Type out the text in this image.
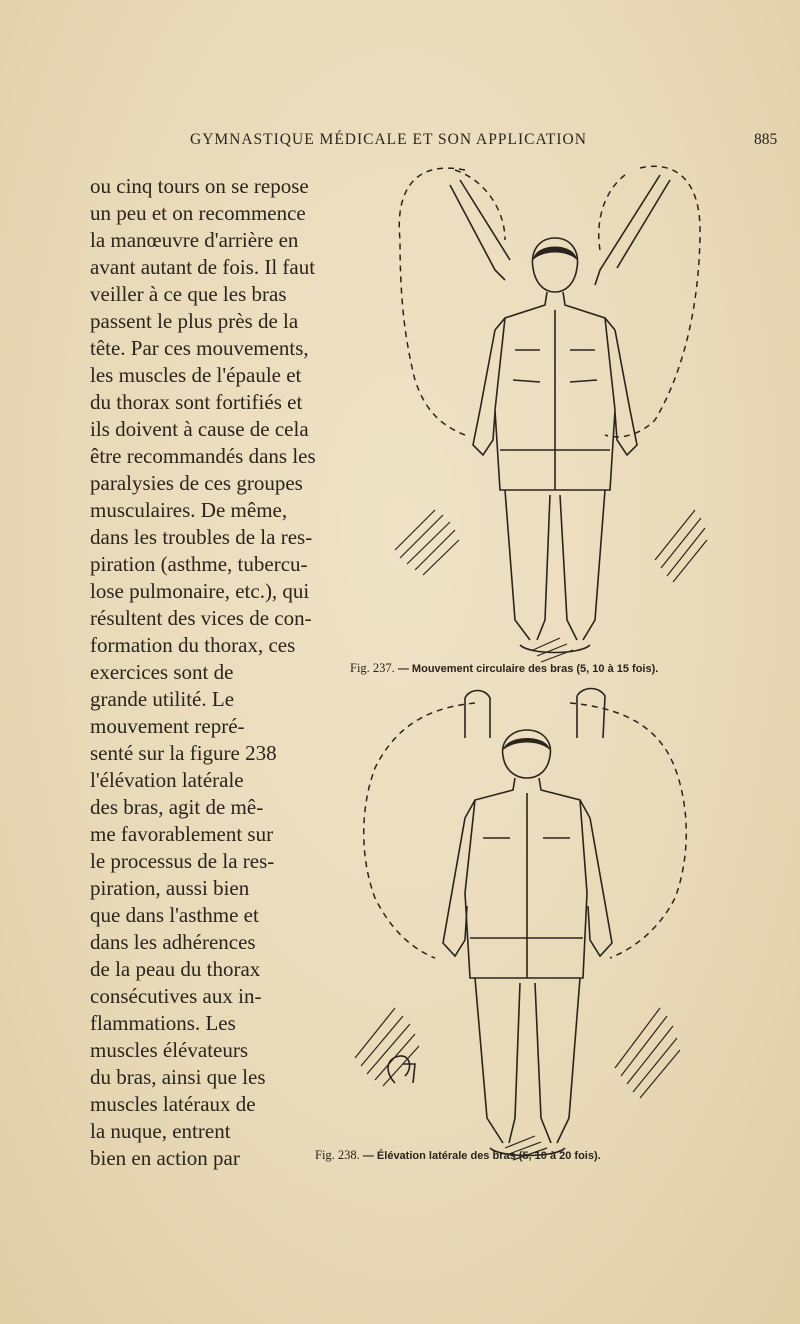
GYMNASTIQUE MÉDICALE ET SON APPLICATION	885
ou cinq tours on se repose
un peu et on recommence
la manœuvre d'arrière en
avant autant de fois. Il faut
veiller à ce que les bras
passent le plus près de la
tête. Par ces mouvements,
les muscles de l'épaule et
du thorax sont fortifiés et
ils doivent à cause de cela
être recommandés dans les
paralysies de ces groupes
musculaires. De même,
dans les troubles de la res-
piration (asthme, tubercu-
lose pulmonaire, etc.), qui
résultent des vices de con-
formation du thorax, ces
exercices sont de
grande utilité. Le
mouvement repré-
senté sur la figure 238
l'élévation latérale
des bras, agit de mê-
me favorablement sur
le processus de la res-
piration, aussi bien
que dans l'asthme et
dans les adhérences
de la peau du thorax
consécutives aux in-
flammations. Les
muscles élévateurs
du bras, ainsi que les
muscles latéraux de
la nuque, entrent
bien en action par
Fig. 237. — Mouvement circulaire des bras (5, 10 à 15 fois).
Fig. 238. — Élévation latérale des bras (5, 10 à 20 fois).
